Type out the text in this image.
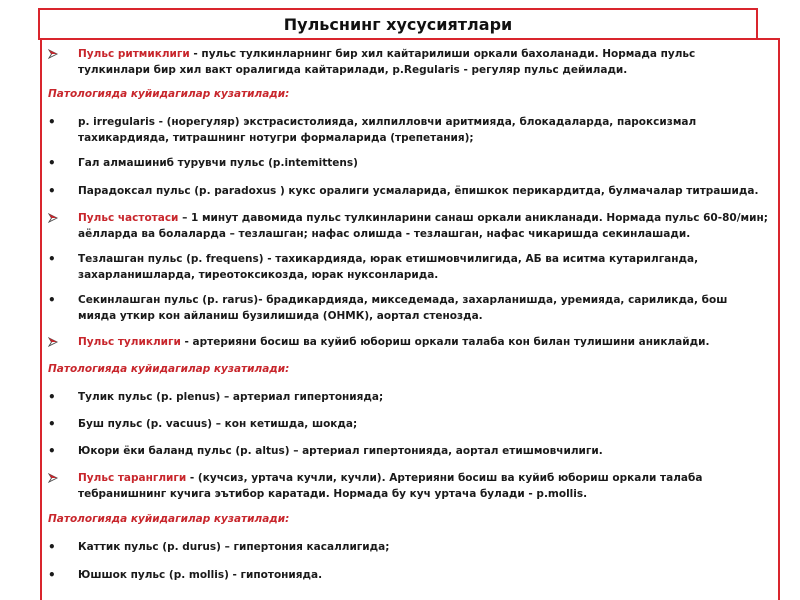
Пульснинг хусусиятлари
Пульс ритмиклиги - пульс тулкинларнинг бир хил кайтарилиши оркали бахоланади. Нормада пульс тулкинлари бир хил вакт оралигида кайтарилади, р.Regularis - регуляр пульс дейилади.
Патологияда куйидагилар кузатилади:
• р. irregularis - (норегуляр) экстрасистолияда, хилпилловчи аритмияда, блокадаларда, пароксизмал тахикардияда, титрашнинг нотугри формаларида (трепетания);
• Гал алмашиниб турувчи пульс (p.intemittens)
• Парадоксал пульс (p. paradoxus ) кукс оралиги усмаларида, ёпишкок перикардитда, булмачалар титрашида.
Пульс частотаси – 1 минут давомида пульс тулкинларини санаш оркали аникланади. Нормада пульс 60-80/мин; аёлларда ва болаларда – тезлашган; нафас олишда - тезлашган, нафас чикаришда секинлашади.
• Тезлашган пульс (p. frequens) - тахикардияда, юрак етишмовчилигида, АБ ва иситма кутарилганда, захарланишларда, тиреотоксикозда, юрак нуксонларида.
• Секинлашган пульс (p. rarus)- брадикардияда, микседемада, захарланишда, уремияда, сариликда, бош мияда уткир кон айланиш бузилишида (ОНМК), аортал стенозда.
Пульс туликлиги - артерияни босиш ва куйиб юбориш оркали талаба кон билан тулишини аниклайди.
Патологияда куйидагилар кузатилади:
• Тулик пульс (p. plenus) – артериал гипертонияда;
• Буш пульс (p. vacuus) – кон кетишда, шокда;
• Юкори ёки баланд пульс (p. altus) – артериал гипертонияда, аортал етишмовчилиги.
Пульс таранглиги - (кучсиз, уртача кучли, кучли). Артерияни босиш ва куйиб юбориш оркали талаба тебранишнинг кучига эътибор каратади. Нормада бу куч уртача булади - р.mollis.
Патологияда куйидагилар кузатилади:
• Каттик пульс (p. durus) – гипертония касаллигида;
• Юшшок пульс (p. mollis) - гипотонияда.
